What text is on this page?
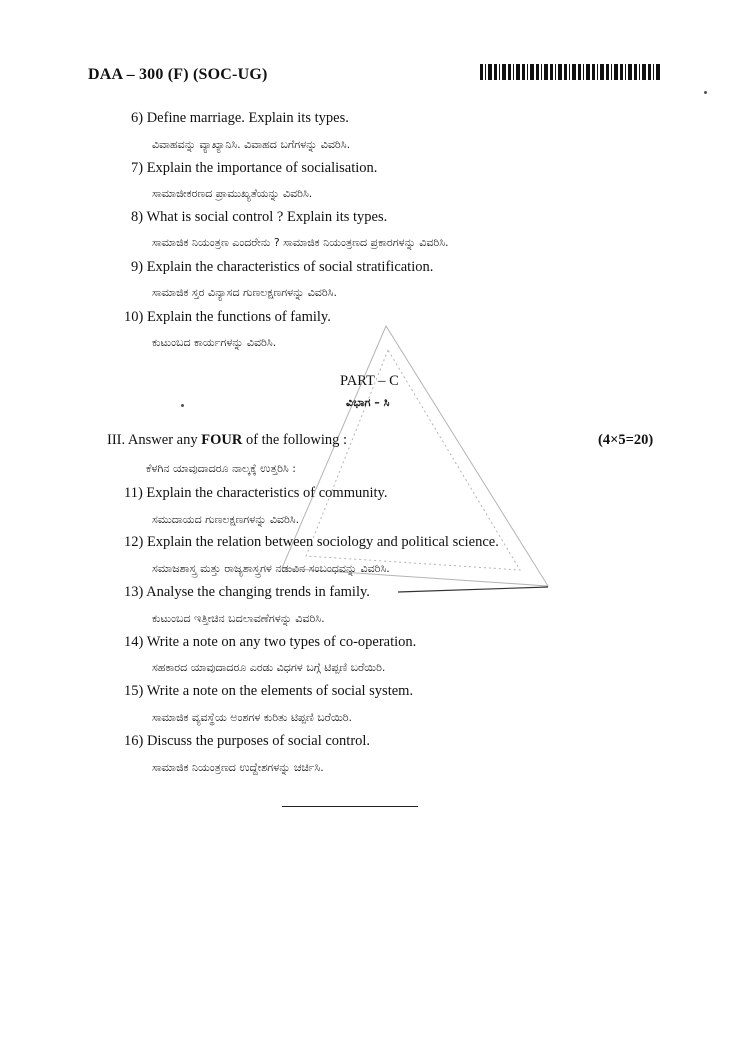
DAA – 300 (F) (SOC-UG)
6) Define marriage. Explain its types.
ವಿವಾಹವನ್ನು ವ್ಯಾಖ್ಯಾನಿಸಿ. ವಿವಾಹದ ಬಗೆಗಳನ್ನು ವಿವರಿಸಿ.
7) Explain the importance of socialisation.
ಸಾಮಾಜೀಕರಣದ ಪ್ರಾಮುಖ್ಯತೆಯನ್ನು ವಿವರಿಸಿ.
8) What is social control ? Explain its types.
ಸಾಮಾಜಿಕ ನಿಯಂತ್ರಣ ಎಂದರೇನು ? ಸಾಮಾಜಿಕ ನಿಯಂತ್ರಣದ ಪ್ರಕಾರಗಳನ್ನು ವಿವರಿಸಿ.
9) Explain the characteristics of social stratification.
ಸಾಮಾಜಿಕ ಸ್ತರ ವಿನ್ಯಾಸದ ಗುಣಲಕ್ಷಣಗಳನ್ನು ವಿವರಿಸಿ.
10) Explain the functions of family.
ಕುಟುಂಬದ ಕಾರ್ಯಗಳನ್ನು ವಿವರಿಸಿ.
PART – C
ವಿಭಾಗ – ಸಿ
III. Answer any FOUR of the following :	(4×5=20)
ಕೆಳಗಿನ ಯಾವುದಾದರೂ ನಾಲ್ಕಕ್ಕೆ ಉತ್ತರಿಸಿ :
11) Explain the characteristics of community.
ಸಮುದಾಯದ ಗುಣಲಕ್ಷಣಗಳನ್ನು ವಿವರಿಸಿ.
12) Explain the relation between sociology and political science.
ಸಮಾಜಶಾಸ್ತ್ರ ಮತ್ತು ರಾಜ್ಯಶಾಸ್ತ್ರಗಳ ನಡುವಿನ ಸಂಬಂಧವನ್ನು ವಿವರಿಸಿ.
13) Analyse the changing trends in family.
ಕುಟುಂಬದ ಇತ್ತೀಚಿನ ಬದಲಾವಣೆಗಳನ್ನು ವಿವರಿಸಿ.
14) Write a note on any two types of co-operation.
ಸಹಕಾರದ ಯಾವುದಾದರೂ ಎರಡು ವಿಧಗಳ ಬಗ್ಗೆ ಟಿಪ್ಪಣಿ ಬರೆಯಿರಿ.
15) Write a note on the elements of social system.
ಸಾಮಾಜಿಕ ವ್ಯವಸ್ಥೆಯ ಅಂಶಗಳ ಕುರಿತು ಟಿಪ್ಪಣಿ ಬರೆಯಿರಿ.
16) Discuss the purposes of social control.
ಸಾಮಾಜಿಕ ನಿಯಂತ್ರಣದ ಉದ್ದೇಶಗಳನ್ನು ಚರ್ಚಿಸಿ.
